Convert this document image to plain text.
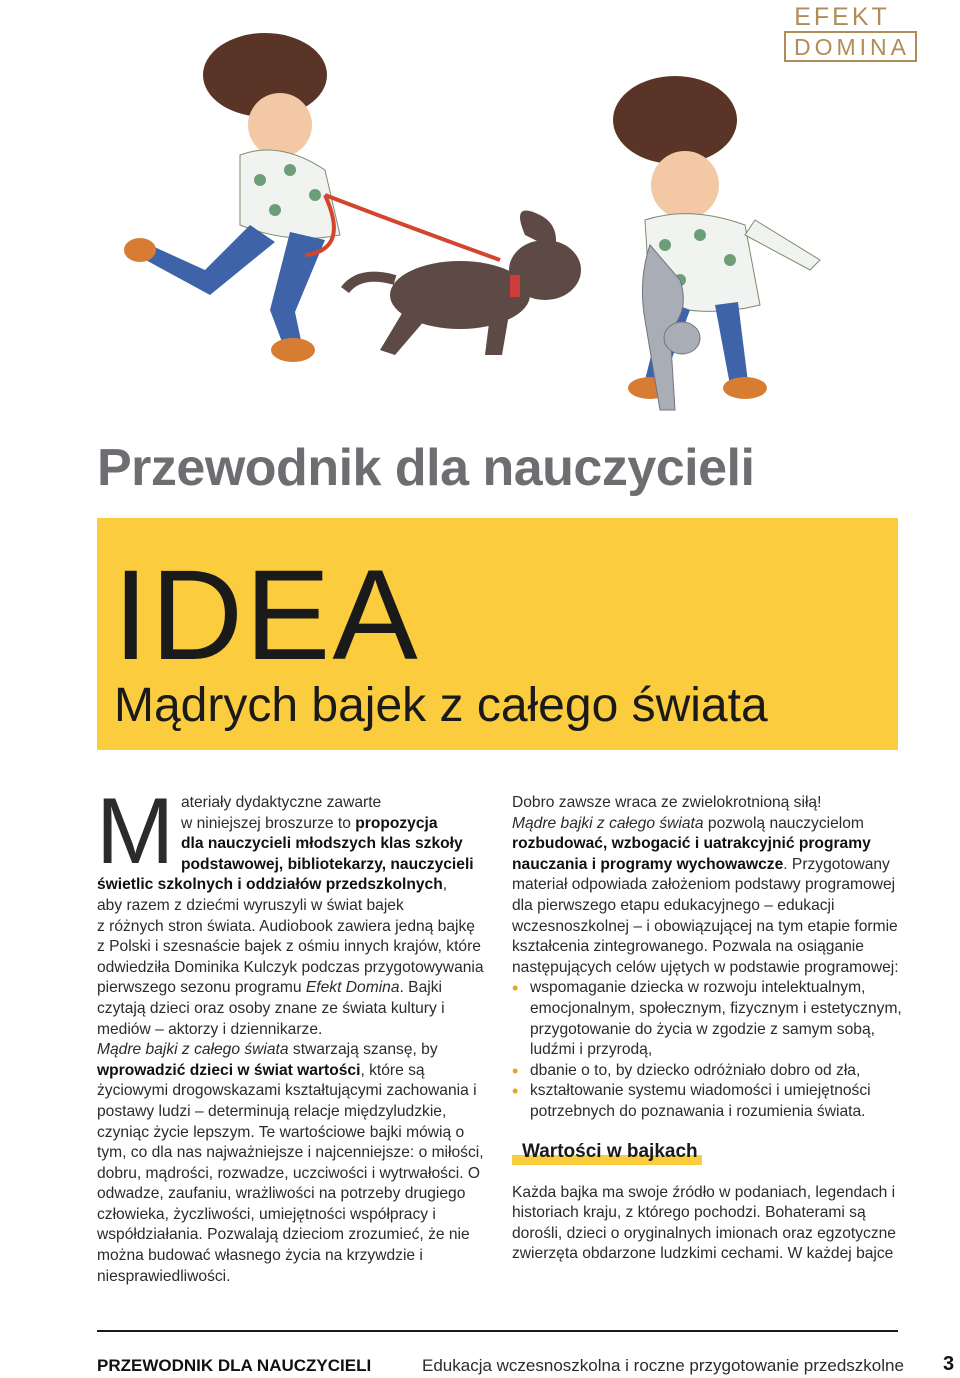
EFEKT
DOMINA
Przewodnik dla nauczycieli
IDEA
Mądrych bajek z całego świata
M ateriały dydaktyczne zawarte

w niniejszej broszurze to propozycja

dla nauczycieli młodszych klas szkoły

podstawowej, bibliotekarzy, nauczycieli

świetlic szkolnych i oddziałów przedszkolnych,

aby razem z dziećmi wyruszyli w świat bajek

z różnych stron świata. Audiobook zawiera jedną bajkę z Polski i szesnaście bajek z ośmiu innych krajów, które odwiedziła Dominika Kulczyk podczas przygotowywania pierwszego sezonu programu Efekt Domina. Bajki czytają dzieci oraz osoby znane ze świata kultury i mediów – aktorzy i dziennikarze.

Mądre bajki z całego świata stwarzają szansę, by wprowadzić dzieci w świat wartości, które są życiowymi drogowskazami kształtującymi zachowania i postawy ludzi – determinują relacje międzyludzkie, czyniąc życie lepszym. Te wartościowe bajki mówią o tym, co dla nas najważniejsze i najcenniejsze: o miłości, dobru, mądrości, rozwadze, uczciwości i wytrwałości. O odwadze, zaufaniu, wrażliwości na potrzeby drugiego człowieka, życzliwości, umiejętności współpracy i współdziałania. Pozwalają dzieciom zrozumieć, że nie można budować własnego życia na krzywdzie i niesprawiedliwości.

Dobro zawsze wraca ze zwielokrotnioną siłą!

Mądre bajki z całego świata pozwolą nauczycielom rozbudować, wzbogacić i uatrakcyjnić programy nauczania i programy wychowawcze. Przygotowany materiał odpowiada założeniom podstawy programowej dla pierwszego etapu edukacyjnego – edukacji wczesnoszkolnej – i obowiązującej na tym etapie formie kształcenia zintegrowanego. Pozwala na osiąganie następujących celów ujętych w podstawie programowej:

• wspomaganie dziecka w rozwoju intelektualnym, emocjonalnym, społecznym, fizycznym i estetycznym, przygotowanie do życia w zgodzie z samym sobą, ludźmi i przyrodą,
• dbanie o to, by dziecko odróżniało dobro od zła,
• kształtowanie systemu wiadomości i umiejętności potrzebnych do poznawania i rozumienia świata.

Wartości w bajkach

Każda bajka ma swoje źródło w podaniach, legendach i historiach kraju, z którego pochodzi. Bohaterami są dorośli, dzieci o oryginalnych imionach oraz egzotyczne zwierzęta obdarzone ludzkimi cechami. W każdej bajce

PRZEWODNIK DLA NAUCZYCIELI	Edukacja wczesnoszkolna i roczne przygotowanie przedszkolne 3
